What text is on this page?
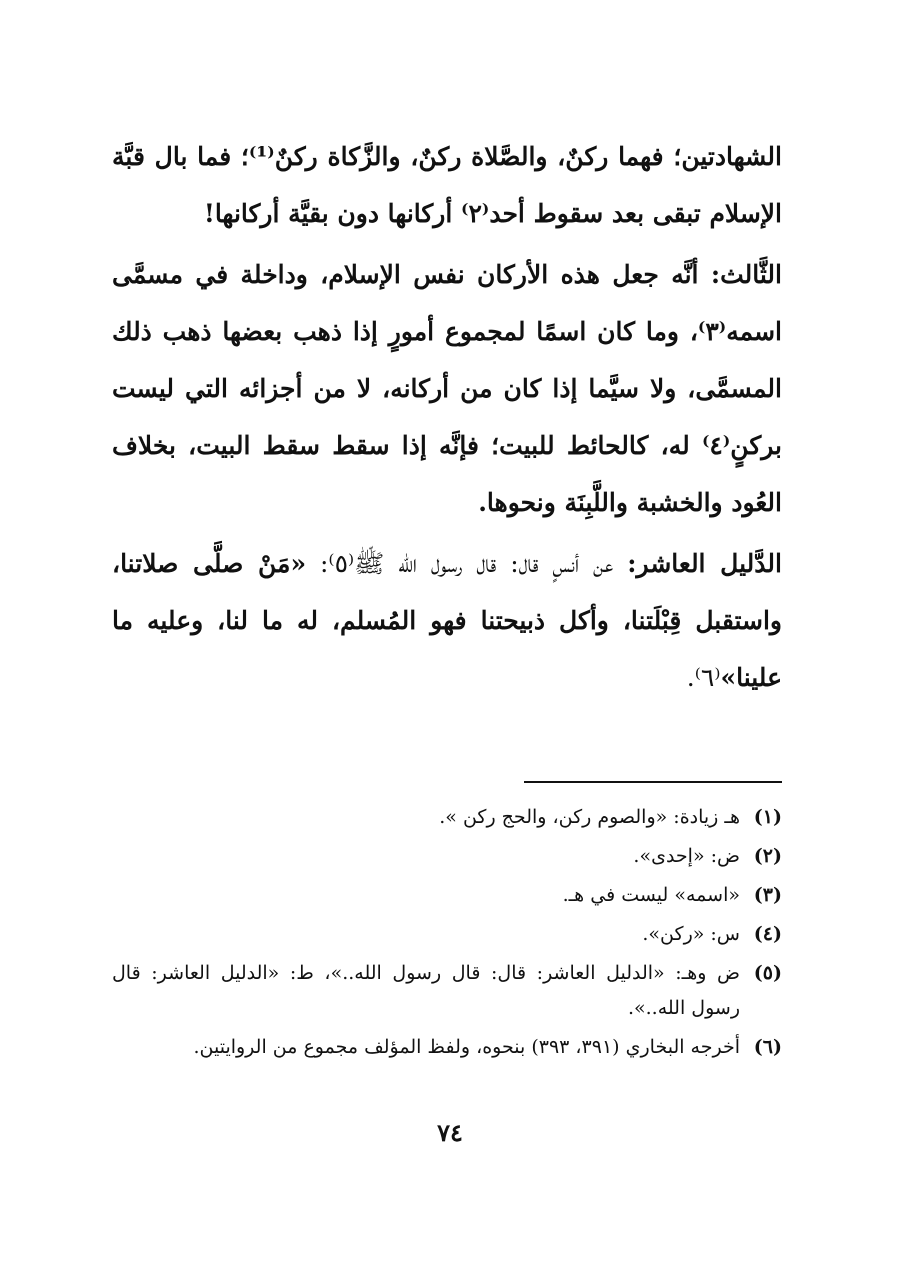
الشهادتين؛ فهما ركنٌ، والصَّلاة ركنٌ، والزَّكاة ركنٌ⁽¹⁾؛ فما بال قبَّة الإسلام تبقى بعد سقوط أحد⁽٢⁾ أركانها دون بقيَّة أركانها!

الثَّالث: أنَّه جعل هذه الأركان نفس الإسلام، وداخلة في مسمَّى اسمه⁽٣⁾، وما كان اسمًا لمجموع أمورٍ إذا ذهب بعضها ذهب ذلك المسمَّى، ولا سيَّما إذا كان من أركانه، لا من أجزائه التي ليست بركنٍ⁽٤⁾ له، كالحائط للبيت؛ فإنَّه إذا سقط سقط البيت، بخلاف العُود والخشبة واللَّبِنَة ونحوها.

الدَّليل العاشر: عن أنسٍ قال: قال رسول الله ﷺ⁽٥⁾: «مَنْ صلَّى صلاتنا، واستقبل قِبْلَتنا، وأكل ذبيحتنا فهو المُسلم، له ما لنا، وعليه ما علينا»⁽٦⁾.

(١)
هـ زيادة: «والصوم ركن، والحج ركن ».
(٢)
ض: «إحدى».
(٣)
«اسمه» ليست في هـ.
(٤)
س: «ركن».
(٥)
ض وهـ: «الدليل العاشر: قال: قال رسول الله..»، ط: «الدليل العاشر: قال رسول الله..».
(٦)
أخرجه البخاري (٣٩١، ٣٩٣) بنحوه، ولفظ المؤلف مجموع من الروايتين.
٧٤
